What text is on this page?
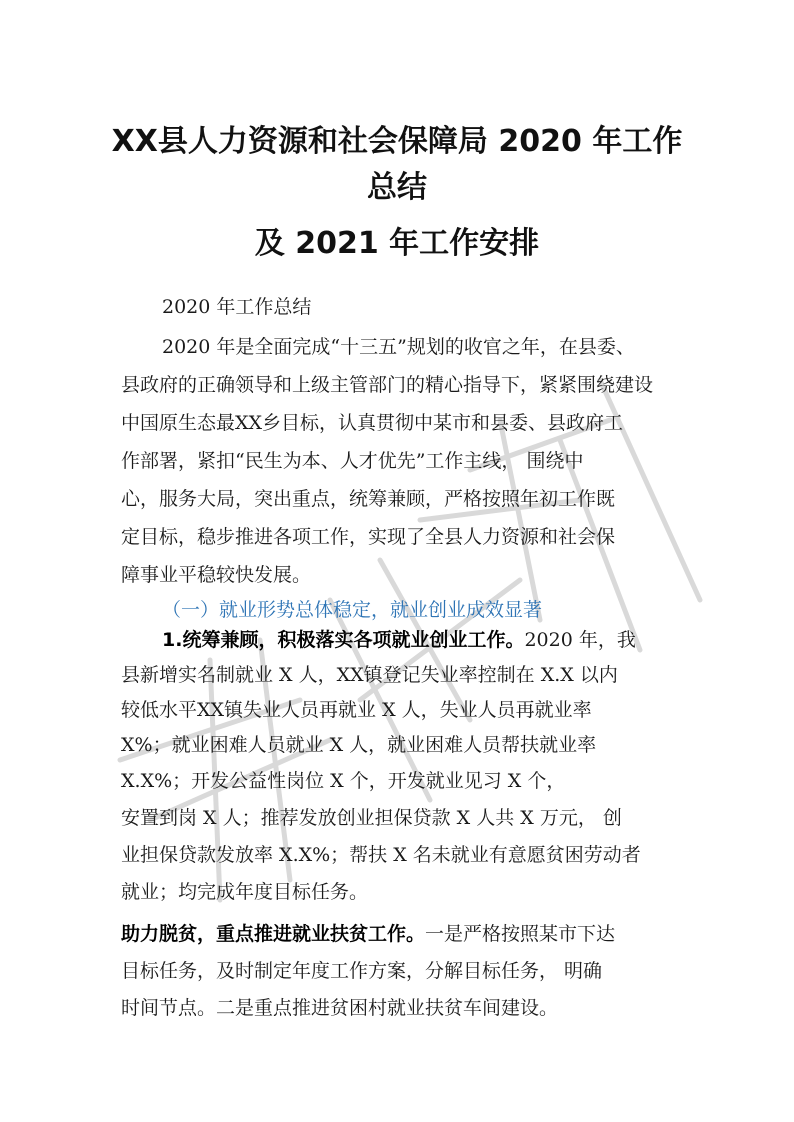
XX县人力资源和社会保障局 2020 年工作
总结
及 2021 年工作安排
2020 年工作总结
2020 年是全面完成“十三五”规划的收官之年，在县委、
县政府的正确领导和上级主管部门的精心指导下，紧紧围绕建设
中国原生态最XX乡目标，认真贯彻中某市和县委、县政府工
作部署，紧扣“民生为本、人才优先”工作主线， 围绕中
心，服务大局，突出重点，统筹兼顾，严格按照年初工作既
定目标，稳步推进各项工作，实现了全县人力资源和社会保
障事业平稳较快发展。
（一）就业形势总体稳定，就业创业成效显著
1.统筹兼顾，积极落实各项就业创业工作。2020 年，我
县新增实名制就业 X 人，XX镇登记失业率控制在 X.X 以内
较低水平XX镇失业人员再就业 X 人，失业人员再就业率
X%；就业困难人员就业 X 人，就业困难人员帮扶就业率
X.X%；开发公益性岗位 X 个，开发就业见习 X 个，
安置到岗 X 人；推荐发放创业担保贷款 X 人共 X 万元， 创
业担保贷款发放率 X.X%；帮扶 X 名未就业有意愿贫困劳动者
就业；均完成年度目标任务。
助力脱贫，重点推进就业扶贫工作。一是严格按照某市下达
目标任务，及时制定年度工作方案，分解目标任务， 明确
时间节点。二是重点推进贫困村就业扶贫车间建设。
